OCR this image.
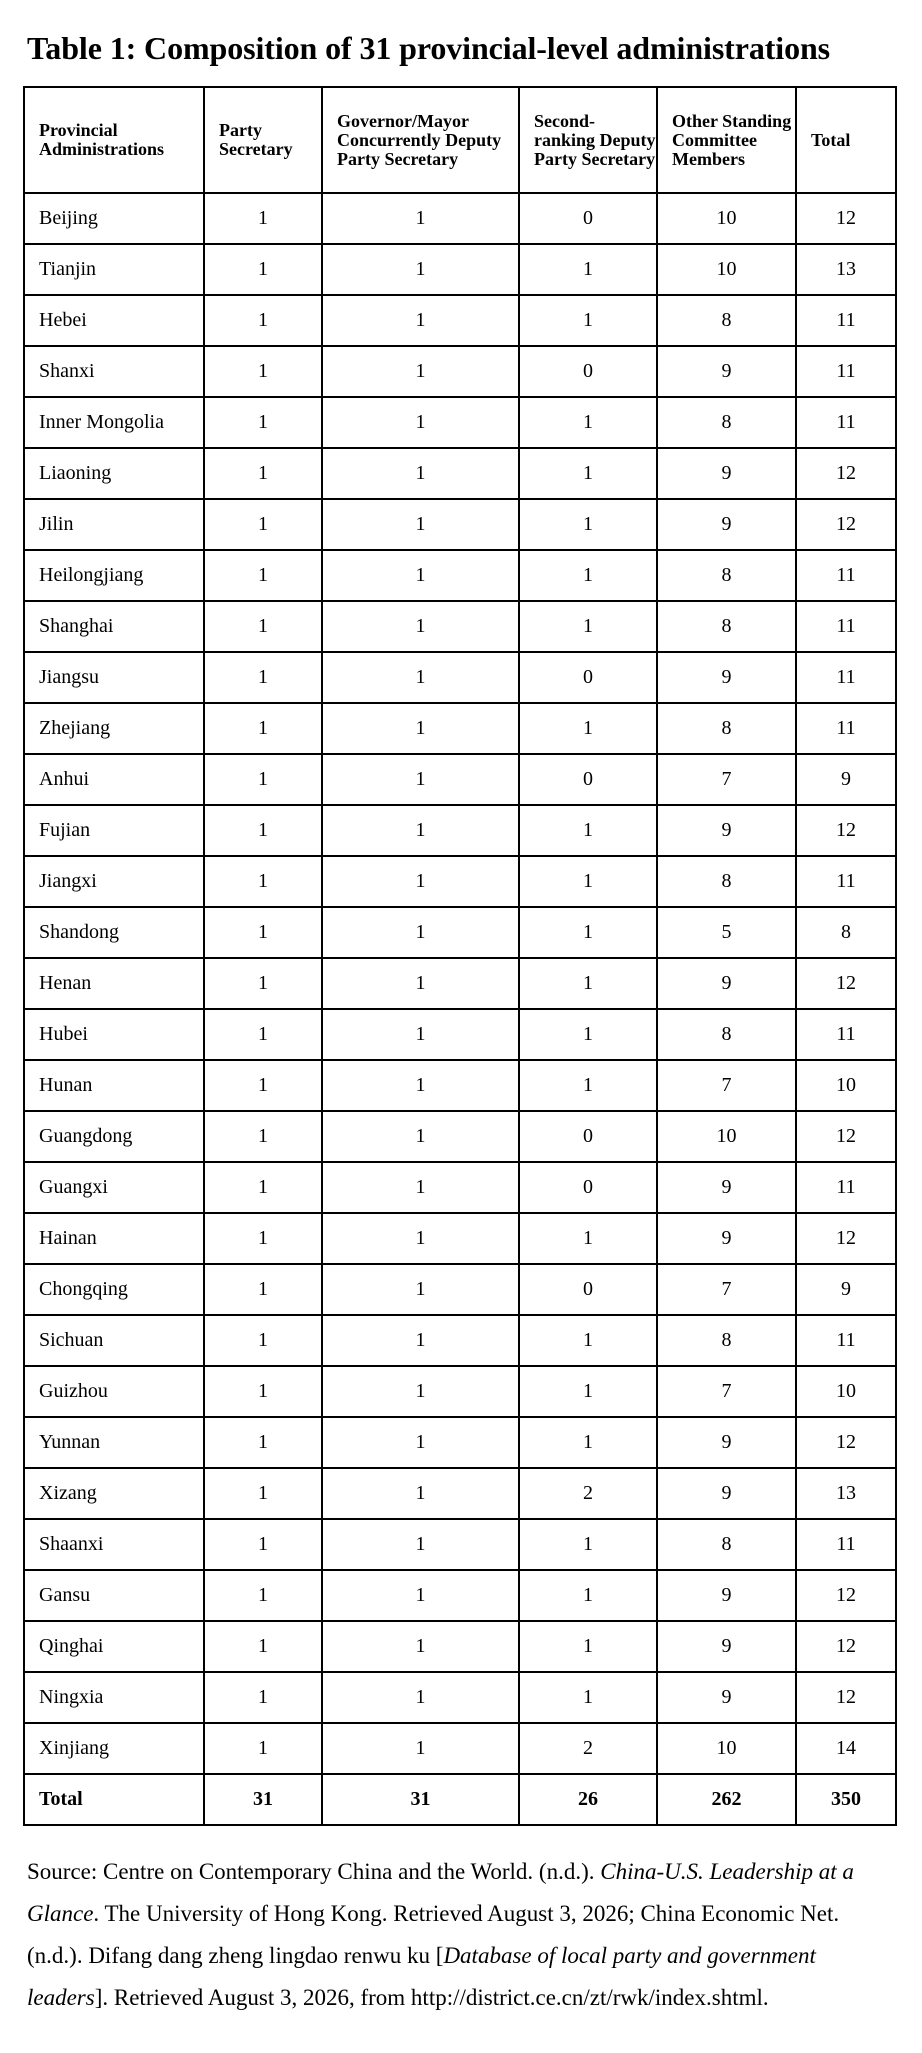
Table 1: Composition of 31 provincial-level administrations
Provincial Administrations	Party Secretary	Governor/Mayor Concurrently Deputy Party Secretary	Second-ranking Deputy Party Secretary	Other Standing Committee Members	Total
Beijing	1	1	0	10	12
Tianjin	1	1	1	10	13
Hebei	1	1	1	8	11
Shanxi	1	1	0	9	11
Inner Mongolia	1	1	1	8	11
Liaoning	1	1	1	9	12
Jilin	1	1	1	9	12
Heilongjiang	1	1	1	8	11
Shanghai	1	1	1	8	11
Jiangsu	1	1	0	9	11
Zhejiang	1	1	1	8	11
Anhui	1	1	0	7	9
Fujian	1	1	1	9	12
Jiangxi	1	1	1	8	11
Shandong	1	1	1	5	8
Henan	1	1	1	9	12
Hubei	1	1	1	8	11
Hunan	1	1	1	7	10
Guangdong	1	1	0	10	12
Guangxi	1	1	0	9	11
Hainan	1	1	1	9	12
Chongqing	1	1	0	7	9
Sichuan	1	1	1	8	11
Guizhou	1	1	1	7	10
Yunnan	1	1	1	9	12
Xizang	1	1	2	9	13
Shaanxi	1	1	1	8	11
Gansu	1	1	1	9	12
Qinghai	1	1	1	9	12
Ningxia	1	1	1	9	12
Xinjiang	1	1	2	10	14
Total	31	31	26	262	350

Source: Centre on Contemporary China and the World. (n.d.). China-U.S. Leadership at a Glance. The University of Hong Kong. Retrieved August 3, 2026; China Economic Net. (n.d.). Difang dang zheng lingdao renwu ku [Database of local party and government leaders]. Retrieved August 3, 2026, from http://district.ce.cn/zt/rwk/index.shtml.
